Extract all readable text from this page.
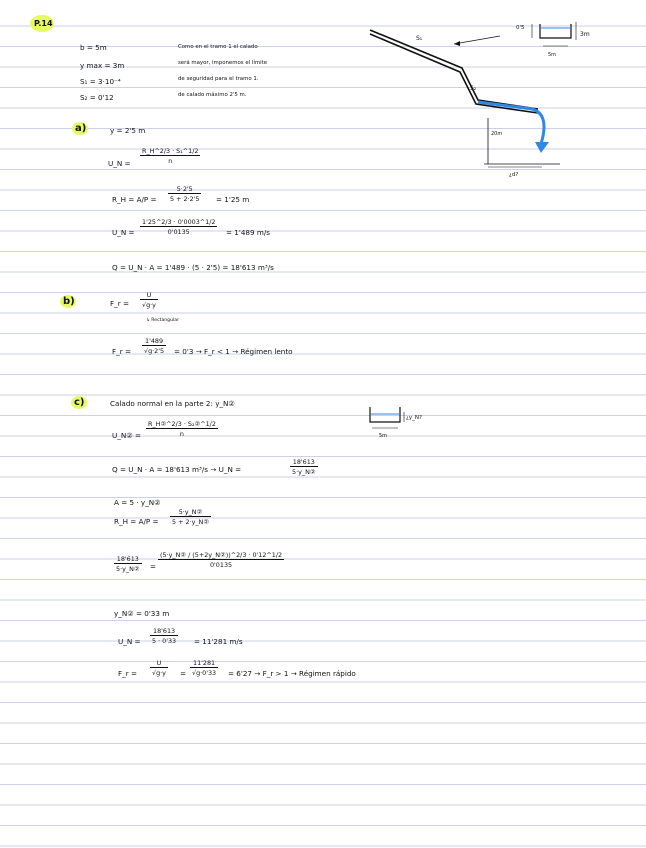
P.14
b = 5m
y max = 3m
S₁ = 3·10⁻⁴
S₂ = 0'12
Como en el tramo 1 el calado
será mayor, imponemos el límite
de seguridad para el tramo 1.
de calado máximo 2'5 m.
S₁
S₂
20m
¿d?
3m
0'5
5m
a)	y = 2'5 m
U_N =
R_H^2/3 · S₁^1/2
n
R_H = A/P =
5·2'5
5 + 2·2'5 = 1'25 m
U_N =
1'25^2/3 · 0'0003^1/2
0'0135	= 1'489 m/s
Q = U_N · A = 1'489 · (5 · 2'5) = 18'613 m³/s
b)	F_r =
U
√g·y
↳ Rectangular
F_r =
1'489
√g·2'5 = 0'3 → F_r < 1 → Régimen lento
c)	Calado normal en la parte 2: y_N②
¿y_N?
5m
U_N② =
R_H②^2/3 · S₂②^1/2
n
Q = U_N · A = 18'613 m³/s → U_N =
18'613
5·y_N②
A = 5 · y_N②
R_H = A/P =
5·y_N②
5 + 2·y_N②
18'613
5·y_N② =
(5·y_N② / (5+2y_N②))^2/3 · 0'12^1/2
0'0135
y_N② = 0'33 m
U_N =
18'613
5 · 0'33 = 11'281 m/s
F_r =
U
√g·y =
11'281
√g·0'33 = 6'27 → F_r > 1 → Régimen rápido
